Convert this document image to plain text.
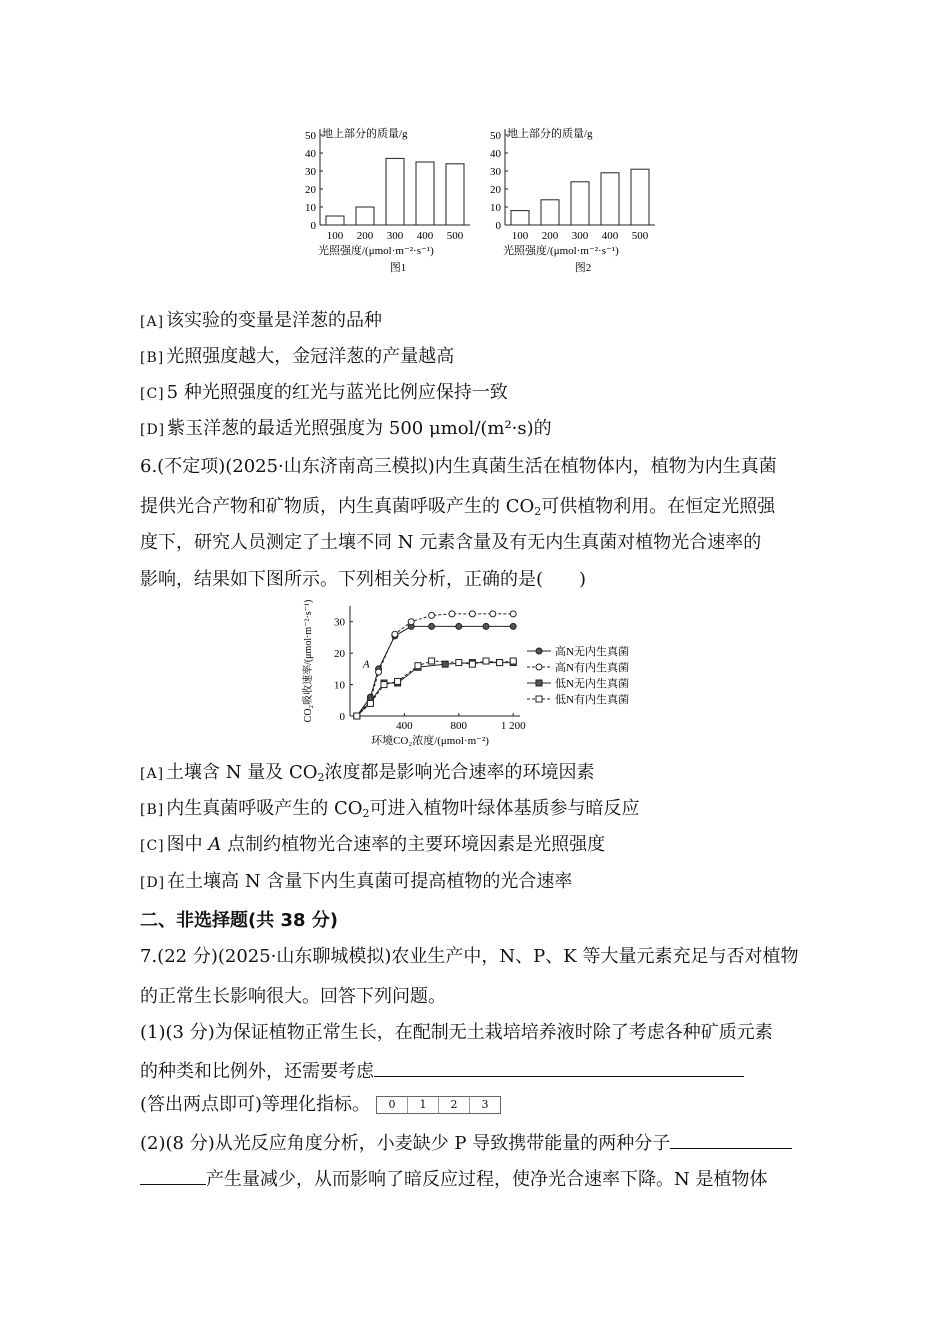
0
10
20
30
40
50 地上部分的质量/g
100 200 300 400 500
光照强度/(μmol·m⁻²·s⁻¹)
图1
0
10
20
30
40
50 地上部分的质量/g
100 200 300 400 500
光照强度/(μmol·m⁻²·s⁻¹)
图2
[A] 该实验的变量是洋葱的品种
[B] 光照强度越大，金冠洋葱的产量越高
[C] 5 种光照强度的红光与蓝光比例应保持一致
[D] 紫玉洋葱的最适光照强度为 500 μmol/(m²·s)的
6.(不定项)(2025·山东济南高三模拟)内生真菌生活在植物体内，植物为内生真菌
提供光合产物和矿物质，内生真菌呼吸产生的 $CO_2$可供植物利用。在恒定光照强
度下，研究人员测定了土壤不同 N 元素含量及有无内生真菌对植物光合速率的
影响，结果如下图所示。下列相关分析，正确的是(　　)
0
10
20
30
400	800	1 200
环境CO₂浓度/(μmol·m⁻²)
CO₂吸收速率/(μmol·m⁻²·s⁻¹)	A
高N无内生真菌
高N有内生真菌
低N无内生真菌
低N有内生真菌
[A] 土壤含 N 量及 $CO_2$浓度都是影响光合速率的环境因素
[B] 内生真菌呼吸产生的 $CO_2$可进入植物叶绿体基质参与暗反应
[C] 图中 A 点制约植物光合速率的主要环境因素是光照强度
[D] 在土壤高 N 含量下内生真菌可提高植物的光合速率
二、非选择题(共 38 分)
7.(22 分)(2025·山东聊城模拟)农业生产中，N、P、K 等大量元素充足与否对植物
的正常生长影响很大。回答下列问题。
(1)(3 分)为保证植物正常生长，在配制无土栽培培养液时除了考虑各种矿质元素
的种类和比例外，还需要考虑
(答出两点即可)等理化指标。	0	1	2	3
(2)(8 分)从光反应角度分析，小麦缺少 P 导致携带能量的两种分子
产生量减少，从而影响了暗反应过程，使净光合速率下降。N 是植物体
